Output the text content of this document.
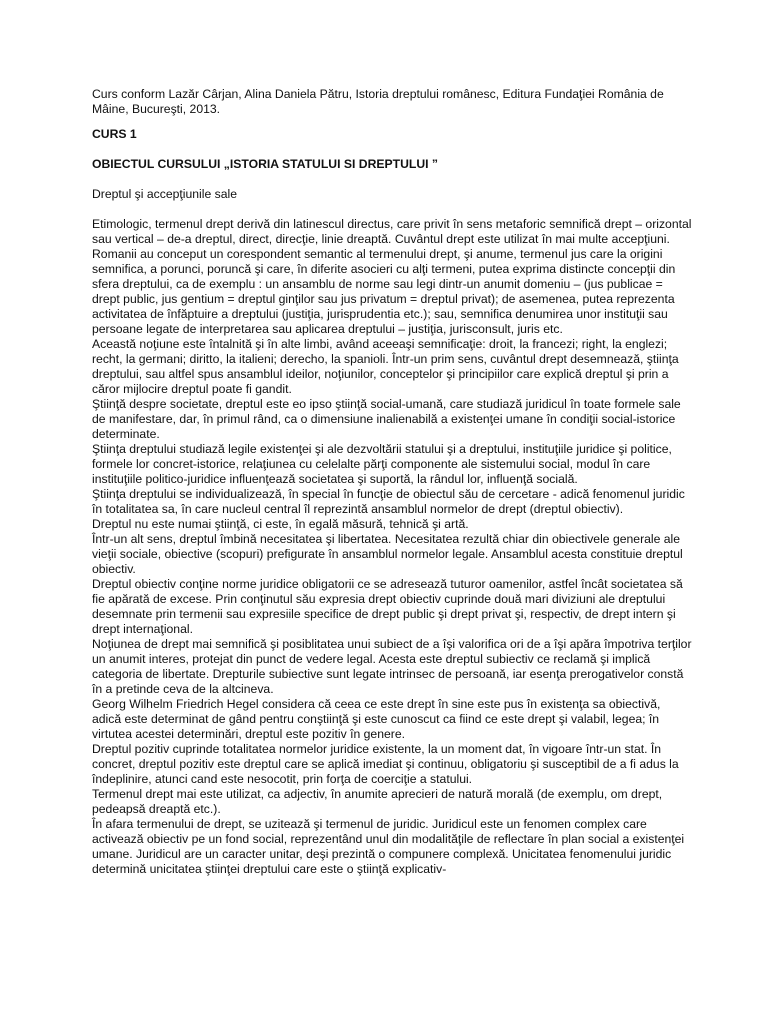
Curs conform Lazăr Cârjan, Alina Daniela Pătru, Istoria dreptului românesc, Editura Fundaţiei România de Mâine, Bucureşti, 2013.

CURS 1

OBIECTUL CURSULUI „ISTORIA STATULUI SI DREPTULUI ”

Dreptul şi accepţiunile sale

Etimologic, termenul drept derivă din latinescul directus, care privit în sens metaforic semnifică drept – orizontal sau vertical – de-a dreptul, direct, direcţie, linie dreaptă. Cuvântul drept este utilizat în mai multe accepţiuni. Romanii au conceput un corespondent semantic al termenului drept, şi anume, termenul jus care la origini semnifica, a porunci, poruncă şi care, în diferite asocieri cu alţi termeni, putea exprima distincte concepţii din sfera dreptului, ca de exemplu : un ansamblu de norme sau legi dintr-un anumit domeniu – (jus publicae = drept public, jus gentium = dreptul ginţilor sau jus privatum = dreptul privat); de asemenea, putea reprezenta activitatea de înfăptuire a dreptului (justiţia, jurisprudentia etc.); sau, semnifica denumirea unor instituţii sau persoane legate de interpretarea sau aplicarea dreptului – justiţia, jurisconsult, juris etc.

Această noţiune este întalnită şi în alte limbi, având aceeaşi semnificaţie: droit, la francezi; right, la englezi; recht, la germani; diritto, la italieni; derecho, la spanioli. Într-un prim sens, cuvântul drept desemnează, ştiinţa dreptului, sau altfel spus ansamblul ideilor, noţiunilor, conceptelor şi principiilor care explică dreptul şi prin a căror mijlocire dreptul poate fi gandit.

Ştiinţă despre societate, dreptul este eo ipso ştiinţă social-umană, care studiază juridicul în toate formele sale de manifestare, dar, în primul rând, ca o dimensiune inalienabilă a existenţei umane în condiţii social-istorice determinate.

Ştiinţa dreptului studiază legile existenţei şi ale dezvoltării statului şi a dreptului, instituţiile juridice şi politice, formele lor concret-istorice, relaţiunea cu celelalte părţi componente ale sistemului social, modul în care instituţiile politico-juridice influenţează societatea şi suportă, la rândul lor, influenţă socială.

Ştiinţa dreptului se individualizează, în special în funcţie de obiectul său de cercetare - adică fenomenul juridic în totalitatea sa, în care nucleul central îl reprezintă ansamblul normelor de drept (dreptul obiectiv).

Dreptul nu este numai ştiinţă, ci este, în egală măsură, tehnică şi artă.

Într-un alt sens, dreptul îmbină necesitatea şi libertatea. Necesitatea rezultă chiar din obiectivele generale ale vieţii sociale, obiective (scopuri) prefigurate în ansamblul normelor legale. Ansamblul acesta constituie dreptul obiectiv.

Dreptul obiectiv conţine norme juridice obligatorii ce se adresează tuturor oamenilor, astfel încât societatea să fie apărată de excese. Prin conţinutul său expresia drept obiectiv cuprinde două mari diviziuni ale dreptului desemnate prin termenii sau expresiile specifice de drept public şi drept privat şi, respectiv, de drept intern şi drept internaţional.

Noţiunea de drept mai semnifică şi posiblitatea unui subiect de a îşi valorifica ori de a îşi apăra împotriva terţilor un anumit interes, protejat din punct de vedere legal. Acesta este dreptul subiectiv ce reclamă şi implică categoria de libertate. Drepturile subiective sunt legate intrinsec de persoană, iar esenţa prerogativelor constă în a pretinde ceva de la altcineva.

Georg Wilhelm Friedrich Hegel considera că ceea ce este drept în sine este pus în existenţa sa obiectivă, adică este determinat de gând pentru conştiinţă şi este cunoscut ca fiind ce este drept şi valabil, legea; în virtutea acestei determinări, dreptul este pozitiv în genere.

Dreptul pozitiv cuprinde totalitatea normelor juridice existente, la un moment dat, în vigoare într-un stat. În concret, dreptul pozitiv este dreptul care se aplică imediat şi continuu, obligatoriu şi susceptibil de a fi adus la îndeplinire, atunci cand este nesocotit, prin forţa de coerciţie a statului.

Termenul drept mai este utilizat, ca adjectiv, în anumite aprecieri de natură morală (de exemplu, om drept, pedeapsă dreaptă etc.).

În afara termenului de drept, se uzitează şi termenul de juridic. Juridicul este un fenomen complex care activează obiectiv pe un fond social, reprezentând unul din modalităţile de reflectare în plan social a existenţei umane. Juridicul are un caracter unitar, deşi prezintă o compunere complexă. Unicitatea fenomenului juridic determină unicitatea ştiinţei dreptului care este o ştiinţă explicativ-
